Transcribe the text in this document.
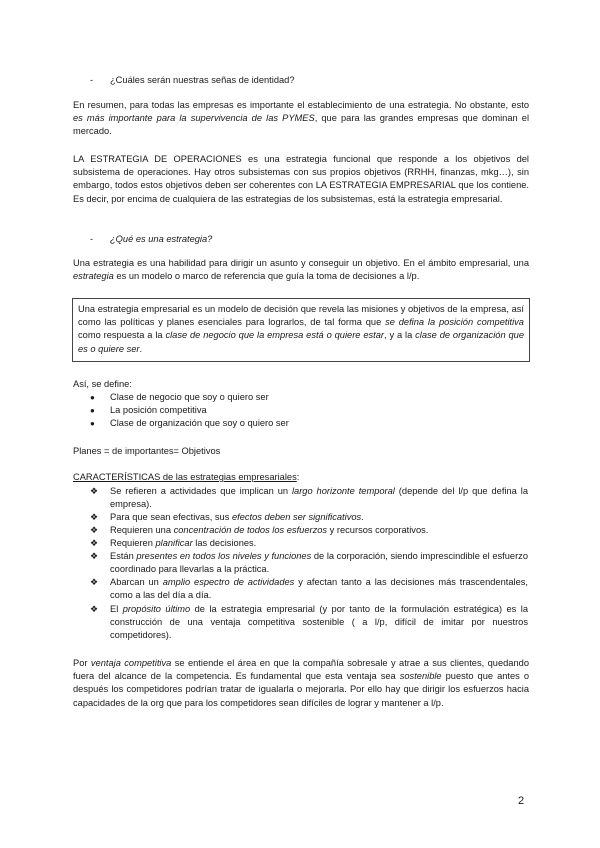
- ¿Cuáles serán nuestras señas de identidad?

En resumen, para todas las empresas es importante el establecimiento de una estrategia. No obstante, esto es más importante para la supervivencia de las PYMES, que para las grandes empresas que dominan el mercado.

LA ESTRATEGIA DE OPERACIONES es una estrategia funcional que responde a los objetivos del subsistema de operaciones. Hay otros subsistemas con sus propios objetivos (RRHH, finanzas, mkg…), sin embargo, todos estos objetivos deben ser coherentes con LA ESTRATEGIA EMPRESARIAL que los contiene. Es decir, por encima de cualquiera de las estrategias de los subsistemas, está la estrategia empresarial.

- ¿Qué es una estrategia?

Una estrategia es una habilidad para dirigir un asunto y conseguir un objetivo. En el ámbito empresarial, una estrategia es un modelo o marco de referencia que guía la toma de decisiones a l/p.

Una estrategia empresarial es un modelo de decisión que revela las misiones y objetivos de la empresa, así como las políticas y planes esenciales para lograrlos, de tal forma que se defina la posición competitiva como respuesta a la clase de negocio que la empresa está o quiere estar, y a la clase de organización que es o quiere ser.
Así, se define:
● Clase de negocio que soy o quiero ser
● La posición competitiva
● Clase de organización que soy o quiero ser
Planes = de importantes= Objetivos
CARACTERÍSTICAS de las estrategias empresariales:
❖ Se refieren a actividades que implican un largo horizonte temporal (depende del l/p que defina la empresa).
❖ Para que sean efectivas, sus efectos deben ser significativos.
❖ Requieren una concentración de todos los esfuerzos y recursos corporativos.
❖ Requieren planificar las decisiones.
❖ Están presentes en todos los niveles y funciones de la corporación, siendo imprescindible el esfuerzo coordinado para llevarlas a la práctica.
❖ Abarcan un amplio espectro de actividades y afectan tanto a las decisiones más trascendentales, como a las del día a día.
❖ El propósito último de la estrategia empresarial (y por tanto de la formulación estratégica) es la construcción de una ventaja competitiva sostenible ( a l/p, difícil de imitar por nuestros competidores).

Por ventaja competitiva se entiende el área en que la compañía sobresale y atrae a sus clientes, quedando fuera del alcance de la competencia. Es fundamental que esta ventaja sea sostenible puesto que antes o después los competidores podrían tratar de igualarla o mejorarla. Por ello hay que dirigir los esfuerzos hacia capacidades de la org que para los competidores sean difíciles de lograr y mantener a l/p.

2
